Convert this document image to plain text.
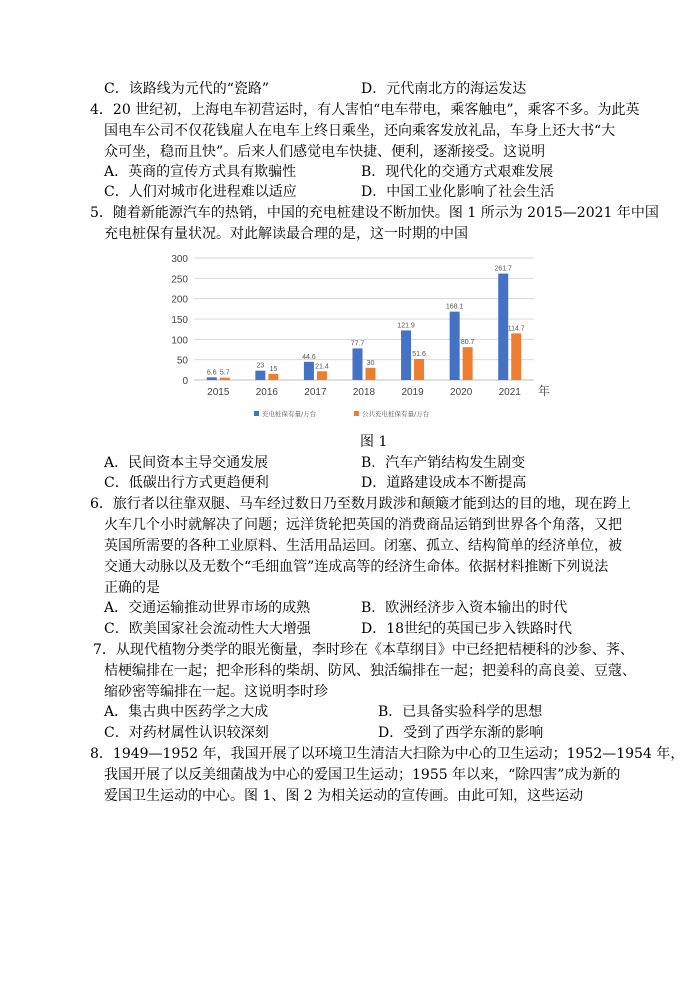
C．该路线为元代的“瓷路”	D．元代南北方的海运发达
4．20 世纪初，上海电车初营运时，有人害怕“电车带电，乘客触电”，乘客不多。为此英
国电车公司不仅花钱雇人在电车上终日乘坐，还向乘客发放礼品，车身上还大书“大
众可坐，稳而且快”。后来人们感觉电车快捷、便利，逐渐接受。这说明
A．英商的宣传方式具有欺骗性	B．现代化的交通方式艰难发展
C．人们对城市化进程难以适应	D．中国工业化影响了社会生活
5．随着新能源汽车的热销，中国的充电桩建设不断加快。图 1 所示为 2015—2021 年中国
充电桩保有量状况。对此解读最合理的是，这一时期的中国
0
50
100
150
200
250
300
6.6 5.7
2015
23 15
2016
44.6
21.4
2017
77.7
30
2018
121.9
51.6
2019
168.1
80.7
2020
261.7
114.7
2021 年
充电桩保有量/万台	公共充电桩保有量/万台
图 1
A．民间资本主导交通发展	B．汽车产销结构发生剧变
C．低碳出行方式更趋便利	D．道路建设成本不断提高
6．旅行者以往靠双腿、马车经过数日乃至数月跋涉和颠簸才能到达的目的地，现在跨上
火车几个小时就解决了问题；远洋货轮把英国的消费商品运销到世界各个角落，又把
英国所需要的各种工业原料、生活用品运回。闭塞、孤立、结构简单的经济单位，被
交通大动脉以及无数个“毛细血管”连成高等的经济生命体。依据材料推断下列说法
正确的是
A．交通运输推动世界市场的成熟	B．欧洲经济步入资本输出的时代
C．欧美国家社会流动性大大增强	D．18世纪的英国已步入铁路时代
7．从现代植物分类学的眼光衡量，李时珍在《本草纲目》中已经把桔梗科的沙参、荠、
桔梗编排在一起；把伞形科的柴胡、防风、独活编排在一起；把姜科的高良姜、豆蔻、
缩砂密等编排在一起。这说明李时珍
A．集古典中医药学之大成	B．已具备实验科学的思想
C．对药材属性认识较深刻	D．受到了西学东渐的影响
8．1949—1952 年，我国开展了以环境卫生清洁大扫除为中心的卫生运动；1952—1954 年，
我国开展了以反美细菌战为中心的爱国卫生运动；1955 年以来，“除四害”成为新的
爱国卫生运动的中心。图 1、图 2 为相关运动的宣传画。由此可知，这些运动
